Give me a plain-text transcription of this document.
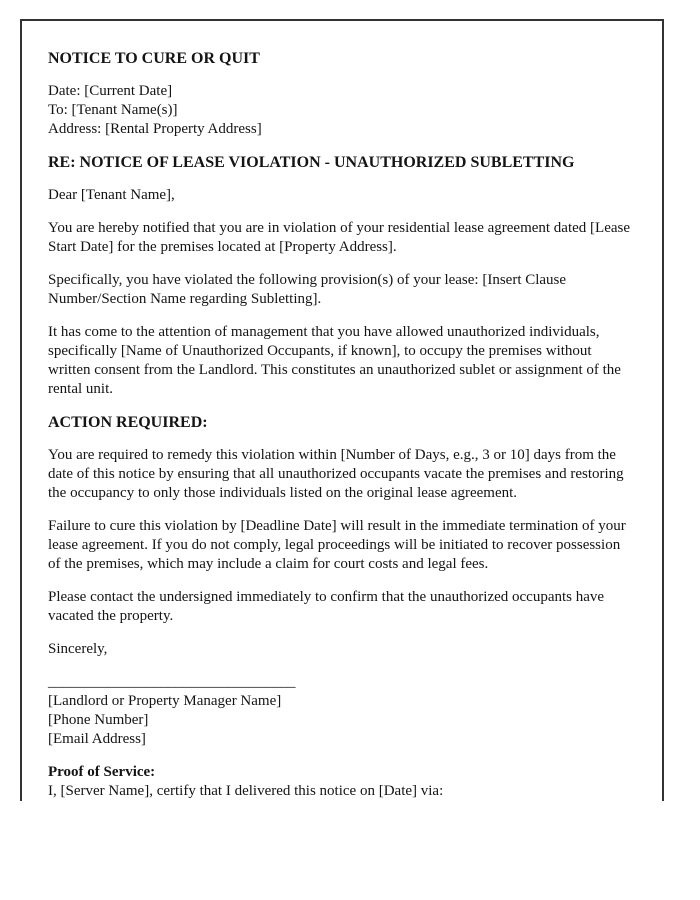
NOTICE TO CURE OR QUIT
Date: [Current Date]
To: [Tenant Name(s)]
Address: [Rental Property Address]
RE: NOTICE OF LEASE VIOLATION - UNAUTHORIZED SUBLETTING

Dear [Tenant Name],

You are hereby notified that you are in violation of your residential lease agreement dated [Lease Start Date] for the premises located at [Property Address].

Specifically, you have violated the following provision(s) of your lease: [Insert Clause Number/Section Name regarding Subletting].

It has come to the attention of management that you have allowed unauthorized individuals, specifically [Name of Unauthorized Occupants, if known], to occupy the premises without written consent from the Landlord. This constitutes an unauthorized sublet or assignment of the rental unit.

ACTION REQUIRED:

You are required to remedy this violation within [Number of Days, e.g., 3 or 10] days from the date of this notice by ensuring that all unauthorized occupants vacate the premises and restoring the occupancy to only those individuals listed on the original lease agreement.

Failure to cure this violation by [Deadline Date] will result in the immediate termination of your lease agreement. If you do not comply, legal proceedings will be initiated to recover possession of the premises, which may include a claim for court costs and legal fees.

Please contact the undersigned immediately to confirm that the unauthorized occupants have vacated the property.

Sincerely,

_________________________________
[Landlord or Property Manager Name]
[Phone Number]
[Email Address]
Proof of Service:
I, [Server Name], certify that I delivered this notice on [Date] via:
